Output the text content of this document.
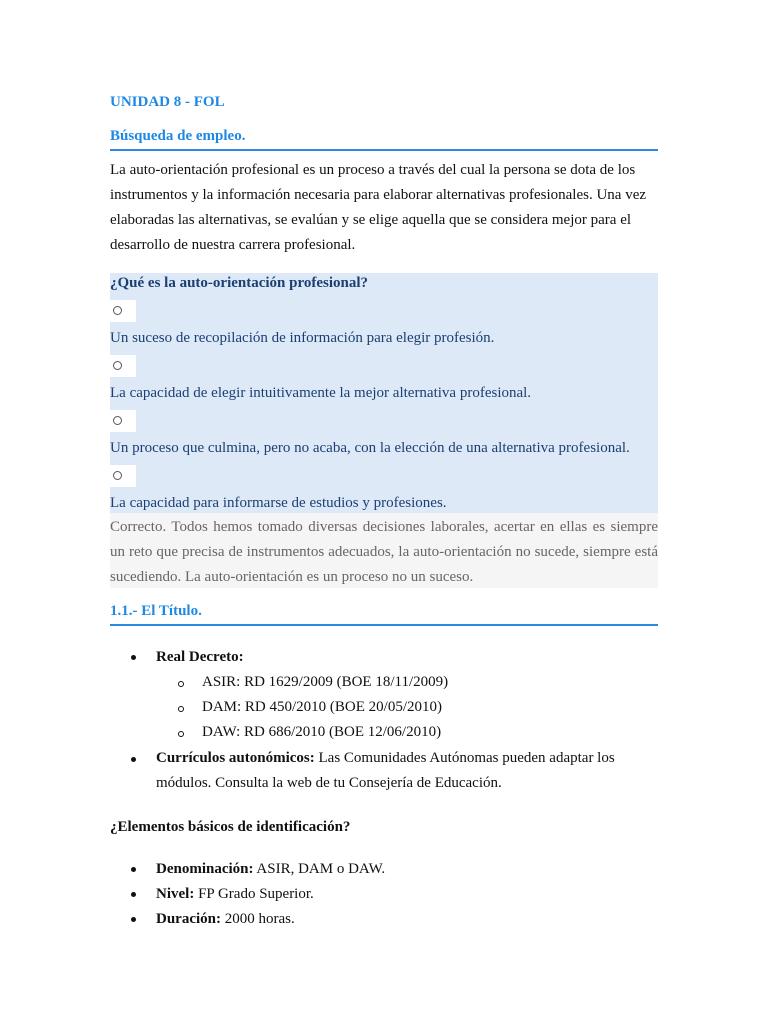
UNIDAD 8 - FOL
Búsqueda de empleo.

La auto-orientación profesional es un proceso a través del cual la persona se dota de los instrumentos y la información necesaria para elaborar alternativas profesionales. Una vez elaboradas las alternativas, se evalúan y se elige aquella que se considera mejor para el desarrollo de nuestra carrera profesional.

¿Qué es la auto-orientación profesional?

Un suceso de recopilación de información para elegir profesión.

La capacidad de elegir intuitivamente la mejor alternativa profesional.

Un proceso que culmina, pero no acaba, con la elección de una alternativa profesional.

La capacidad para informarse de estudios y profesiones.

Correcto. Todos hemos tomado diversas decisiones laborales, acertar en ellas es siempre un reto que precisa de instrumentos adecuados, la auto-orientación no sucede, siempre está sucediendo. La auto-orientación es un proceso no un suceso.

1.1.- El Título.

Real Decreto:

ASIR: RD 1629/2009 (BOE 18/11/2009)

DAM: RD 450/2010 (BOE 20/05/2010)

DAW: RD 686/2010 (BOE 12/06/2010)

Currículos autonómicos: Las Comunidades Autónomas pueden adaptar los módulos. Consulta la web de tu Consejería de Educación.

¿Elementos básicos de identificación?

Denominación: ASIR, DAM o DAW.

Nivel: FP Grado Superior.

Duración: 2000 horas.
